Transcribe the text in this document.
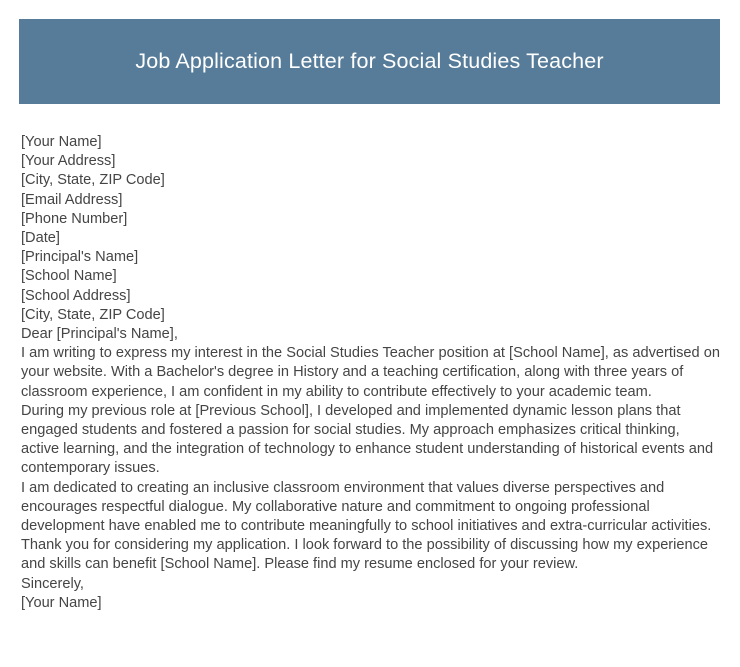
Job Application Letter for Social Studies Teacher
[Your Name]
[Your Address]
[City, State, ZIP Code]
[Email Address]
[Phone Number]
[Date]
[Principal's Name]
[School Name]
[School Address]
[City, State, ZIP Code]
Dear [Principal's Name],

I am writing to express my interest in the Social Studies Teacher position at [School Name], as advertised on your website. With a Bachelor's degree in History and a teaching certification, along with three years of classroom experience, I am confident in my ability to contribute effectively to your academic team.

During my previous role at [Previous School], I developed and implemented dynamic lesson plans that engaged students and fostered a passion for social studies. My approach emphasizes critical thinking, active learning, and the integration of technology to enhance student understanding of historical events and contemporary issues.

I am dedicated to creating an inclusive classroom environment that values diverse perspectives and encourages respectful dialogue. My collaborative nature and commitment to ongoing professional development have enabled me to contribute meaningfully to school initiatives and extra-curricular activities.

Thank you for considering my application. I look forward to the possibility of discussing how my experience and skills can benefit [School Name]. Please find my resume enclosed for your review.

Sincerely,
[Your Name]
